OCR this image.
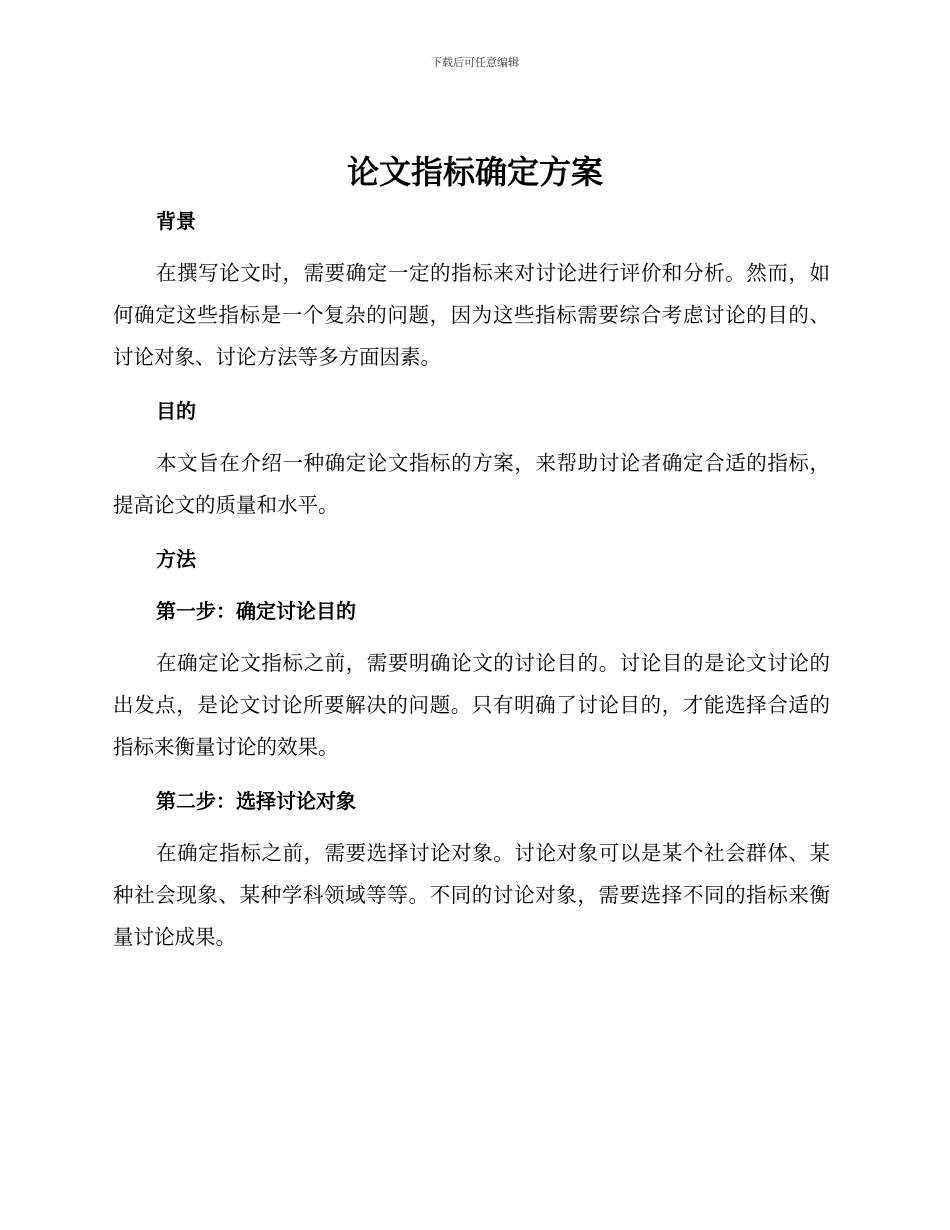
下载后可任意编辑
论文指标确定方案
背景

在撰写论文时，需要确定一定的指标来对讨论进行评价和分析。然而，如何确定这些指标是一个复杂的问题，因为这些指标需要综合考虑讨论的目的、讨论对象、讨论方法等多方面因素。

目的

本文旨在介绍一种确定论文指标的方案，来帮助讨论者确定合适的指标，提高论文的质量和水平。

方法
第一步：确定讨论目的

在确定论文指标之前，需要明确论文的讨论目的。讨论目的是论文讨论的出发点，是论文讨论所要解决的问题。只有明确了讨论目的，才能选择合适的指标来衡量讨论的效果。

第二步：选择讨论对象

在确定指标之前，需要选择讨论对象。讨论对象可以是某个社会群体、某种社会现象、某种学科领域等等。不同的讨论对象，需要选择不同的指标来衡量讨论成果。
